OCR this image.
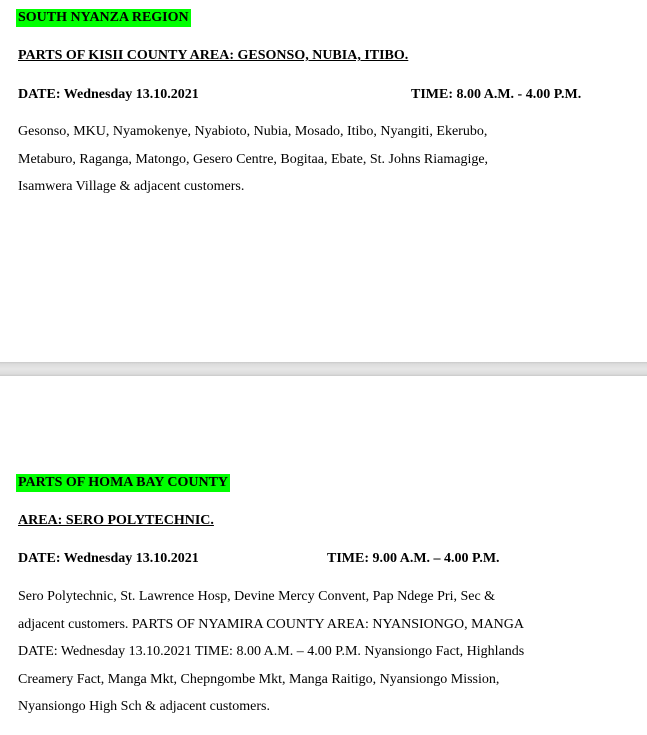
SOUTH NYANZA REGION
PARTS OF KISII COUNTY AREA: GESONSO, NUBIA, ITIBO.
DATE: Wednesday 13.10.2021	TIME: 8.00 A.M. - 4.00 P.M.
Gesonso, MKU, Nyamokenye, Nyabioto, Nubia, Mosado, Itibo, Nyangiti, Ekerubo,
Metaburo, Raganga, Matongo, Gesero Centre, Bogitaa, Ebate, St. Johns Riamagige,
Isamwera Village & adjacent customers.
PARTS OF HOMA BAY COUNTY
AREA: SERO POLYTECHNIC.
DATE: Wednesday 13.10.2021	TIME: 9.00 A.M. – 4.00 P.M.
Sero Polytechnic, St. Lawrence Hosp, Devine Mercy Convent, Pap Ndege Pri, Sec &
adjacent customers. PARTS OF NYAMIRA COUNTY AREA: NYANSIONGO, MANGA
DATE: Wednesday 13.10.2021 TIME: 8.00 A.M. – 4.00 P.M. Nyansiongo Fact, Highlands
Creamery Fact, Manga Mkt, Chepngombe Mkt, Manga Raitigo, Nyansiongo Mission,
Nyansiongo High Sch & adjacent customers.
